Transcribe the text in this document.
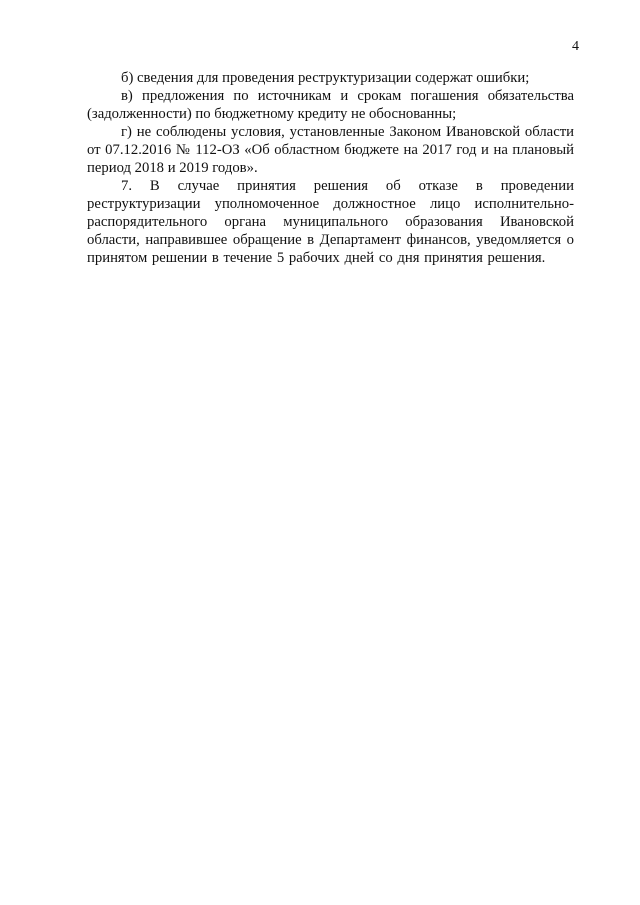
4

б) сведения для проведения реструктуризации содержат ошибки;

в) предложения по источникам и срокам погашения обязательства (задолженности) по бюджетному кредиту не обоснованны;

г) не соблюдены условия, установленные Законом Ивановской области от 07.12.2016 № 112-ОЗ «Об областном бюджете на 2017 год и на плановый период 2018 и 2019 годов».

7. В случае принятия решения об отказе в проведении реструктуризации уполномоченное должностное лицо исполнительно-распорядительного органа муниципального образования Ивановской области, направившее обращение в Департамент финансов, уведомляется о принятом решении в течение 5 рабочих дней со дня принятия решения.
